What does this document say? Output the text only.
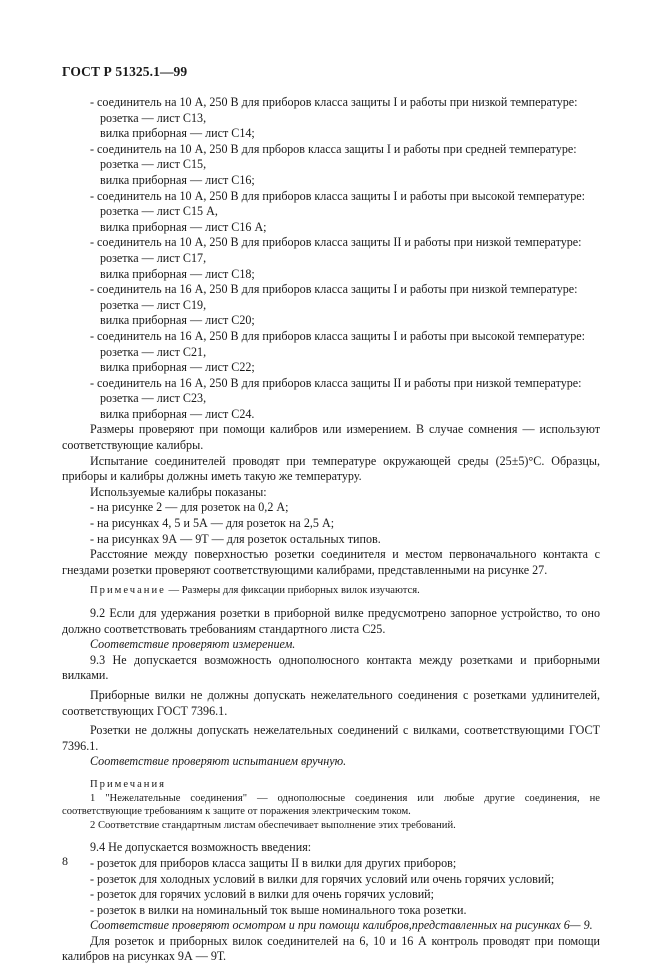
ГОСТ Р 51325.1—99
- соединитель на 10 А, 250 В для приборов класса защиты I и работы при низкой температуре:
розетка — лист С13,
вилка приборная — лист С14;
- соединитель на 10 А, 250 В для прборов класса защиты I и работы при средней температуре:
розетка — лист С15,
вилка приборная — лист С16;
- соединитель на 10 А, 250 В для приборов класса защиты I и работы при высокой температуре:
розетка — лист С15 А,
вилка приборная — лист С16 А;
- соединитель на 10 А, 250 В для приборов класса защиты II и работы при низкой температуре:
розетка — лист С17,
вилка приборная — лист С18;
- соединитель на 16 А, 250 В для приборов класса защиты I и работы при низкой температуре:
розетка — лист С19,
вилка приборная — лист С20;
- соединитель на 16 А, 250 В для приборов класса защиты I и работы при высокой температуре:
розетка — лист С21,
вилка приборная — лист С22;
- соединитель на 16 А, 250 В для приборов класса защиты II и работы при низкой температуре:
розетка — лист С23,
вилка приборная — лист С24.
Размеры проверяют при помощи калибров или измерением. В случае сомнения — используют соответствующие калибры.
Испытание соединителей проводят при температуре окружающей среды (25±5)°С. Образцы, приборы и калибры должны иметь такую же температуру.
Используемые калибры показаны:
- на рисунке 2 — для розеток на 0,2 А;
- на рисунках 4, 5 и 5А — для розеток на 2,5 А;
- на рисунках 9А — 9Т — для розеток остальных типов.
Расстояние между поверхностью розетки соединителя и местом первоначального контакта с гнездами розетки проверяют соответствующими калибрами, представленными на рисунке 27.
Примечание — Размеры для фиксации приборных вилок изучаются.
9.2 Если для удержания розетки в приборной вилке предусмотрено запорное устройство, то оно должно соответствовать требованиям стандартного листа С25.
Соответствие проверяют измерением.
9.3 Не допускается возможность однополюсного контакта между розетками и приборными вилками.
Приборные вилки не должны допускать нежелательного соединения с розетками удлинителей, соответствующих ГОСТ 7396.1.
Розетки не должны допускать нежелательных соединений с вилками, соответствующими ГОСТ 7396.1.
Соответствие проверяют испытанием вручную.
Примечания
1 "Нежелательные соединения" — однополюсные соединения или любые другие соединения, не соответствующие требованиям к защите от поражения электрическим током.
2 Соответствие стандартным листам обеспечивает выполнение этих требований.
9.4 Не допускается возможность введения:
- розеток для приборов класса защиты II в вилки для других приборов;
- розеток для холодных условий в вилки для горячих условий или очень горячих условий;
- розеток для горячих условий в вилки для очень горячих условий;
- розеток в вилки на номинальный ток выше номинального тока розетки.
Соответствие проверяют осмотром и при помощи калибров,представленных на рисунках 6— 9.
Для розеток и приборных вилок соединителей на 6, 10 и 16 А контроль проводят при помощи калибров на рисунках 9А — 9Т.
8
